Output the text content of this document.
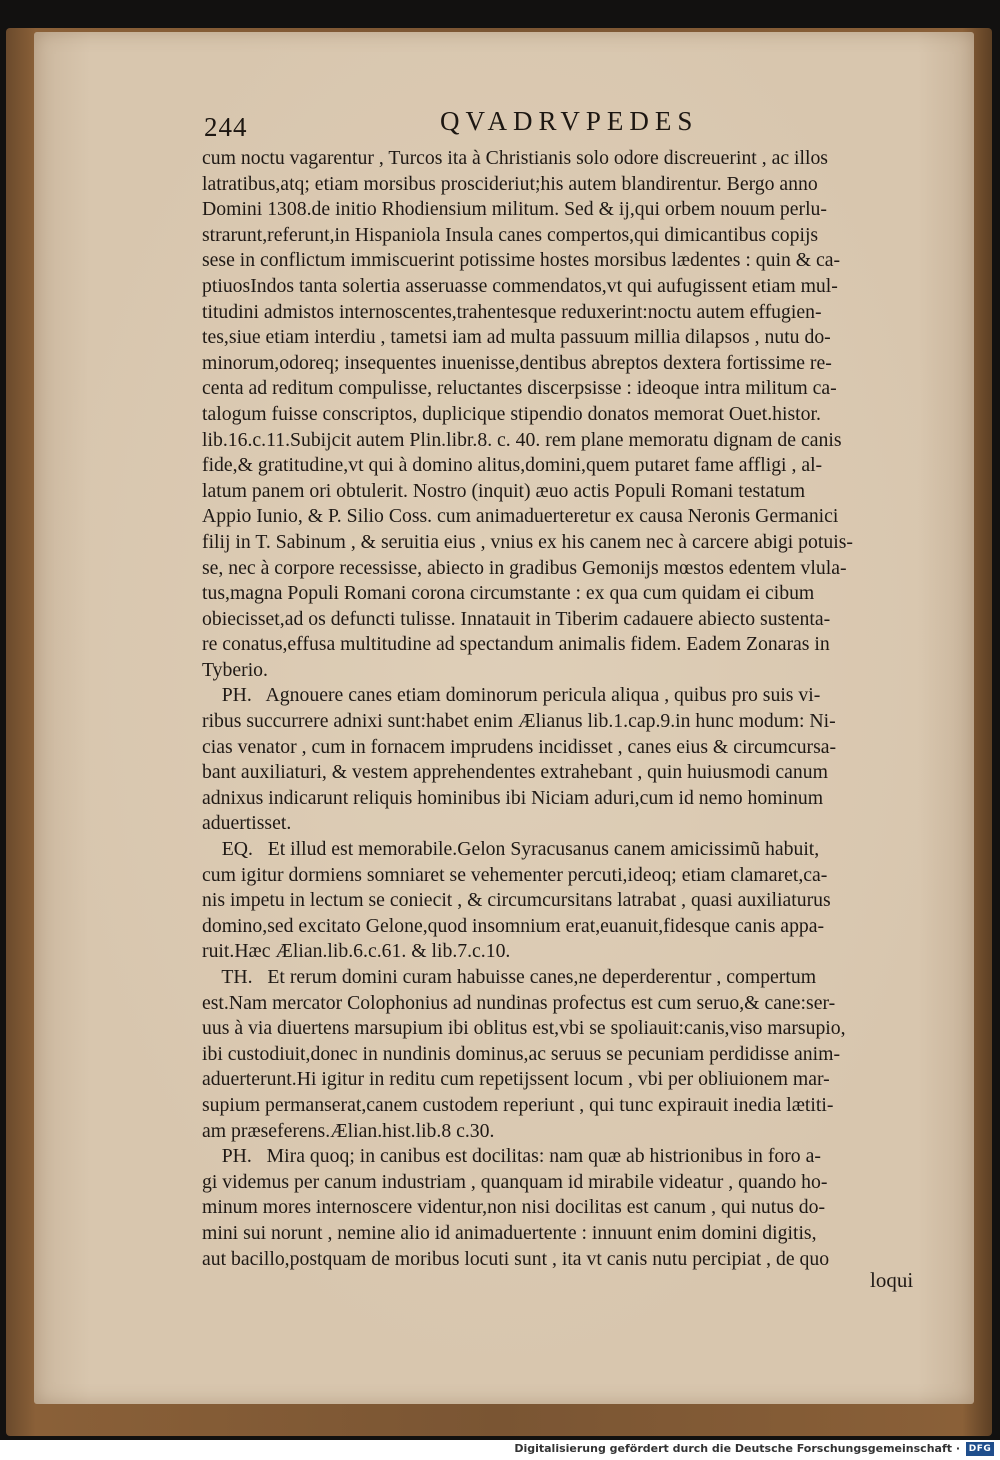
244	QVADRVPEDES
cum noctu vagarentur , Turcos ita à Christianis solo odore discreuerint , ac illos
latratibus,atq; etiam morsibus proscideriut;his autem blandirentur. Bergo anno
Domini 1308.de initio Rhodiensium militum. Sed & ij,qui orbem nouum perlu-
strarunt,referunt,in Hispaniola Insula canes compertos,qui dimicantibus copijs
sese in conflictum immiscuerint potissime hostes morsibus lædentes : quin & ca-
ptiuosIndos tanta solertia asseruasse commendatos,vt qui aufugissent etiam mul-
titudini admistos internoscentes,trahentesque reduxerint:noctu autem effugien-
tes,siue etiam interdiu , tametsi iam ad multa passuum millia dilapsos , nutu do-
minorum,odoreq; insequentes inuenisse,dentibus abreptos dextera fortissime re-
centa ad reditum compulisse, reluctantes discerpsisse : ideoque intra militum ca-
talogum fuisse conscriptos, duplicique stipendio donatos memorat Ouet.histor.
lib.16.c.11.Subijcit autem Plin.libr.8. c. 40. rem plane memoratu dignam de canis
fide,& gratitudine,vt qui à domino alitus,domini,quem putaret fame affligi , al-
latum panem ori obtulerit. Nostro (inquit) æuo actis Populi Romani testatum
Appio Iunio, & P. Silio Coss. cum animaduerteretur ex causa Neronis Germanici
filij in T. Sabinum , & seruitia eius , vnius ex his canem nec à carcere abigi potuis-
se, nec à corpore recessisse, abiecto in gradibus Gemonijs mœstos edentem vlula-
tus,magna Populi Romani corona circumstante : ex qua cum quidam ei cibum
obiecisset,ad os defuncti tulisse. Innatauit in Tiberim cadauere abiecto sustenta-
re conatus,effusa multitudine ad spectandum animalis fidem. Eadem Zonaras in
Tyberio.
PH.   Agnouere canes etiam dominorum pericula aliqua , quibus pro suis vi-
ribus succurrere adnixi sunt:habet enim Ælianus lib.1.cap.9.in hunc modum: Ni-
cias venator , cum in fornacem imprudens incidisset , canes eius & circumcursa-
bant auxiliaturi, & vestem apprehendentes extrahebant , quin huiusmodi canum
adnixus indicarunt reliquis hominibus ibi Niciam aduri,cum id nemo hominum
aduertisset.
EQ.   Et illud est memorabile.Gelon Syracusanus canem amicissimũ habuit,
cum igitur dormiens somniaret se vehementer percuti,ideoq; etiam clamaret,ca-
nis impetu in lectum se coniecit , & circumcursitans latrabat , quasi auxiliaturus
domino,sed excitato Gelone,quod insomnium erat,euanuit,fidesque canis appa-
ruit.Hæc Ælian.lib.6.c.61. & lib.7.c.10.
TH.   Et rerum domini curam habuisse canes,ne deperderentur , compertum
est.Nam mercator Colophonius ad nundinas profectus est cum seruo,& cane:ser-
uus à via diuertens marsupium ibi oblitus est,vbi se spoliauit:canis,viso marsupio,
ibi custodiuit,donec in nundinis dominus,ac seruus se pecuniam perdidisse anim-
aduerterunt.Hi igitur in reditu cum repetijssent locum , vbi per obliuionem mar-
supium permanserat,canem custodem reperiunt , qui tunc expirauit inedia lætiti-
am præseferens.Ælian.hist.lib.8 c.30.
PH.   Mira quoq; in canibus est docilitas: nam quæ ab histrionibus in foro a-
gi videmus per canum industriam , quanquam id mirabile videatur , quando ho-
minum mores internoscere videntur,non nisi docilitas est canum , qui nutus do-
mini sui norunt , nemine alio id animaduertente : innuunt enim domini digitis,
aut bacillo,postquam de moribus locuti sunt , ita vt canis nutu percipiat , de quo
loqui
Digitalisierung gefördert durch die Deutsche Forschungsgemeinschaft · DFG
